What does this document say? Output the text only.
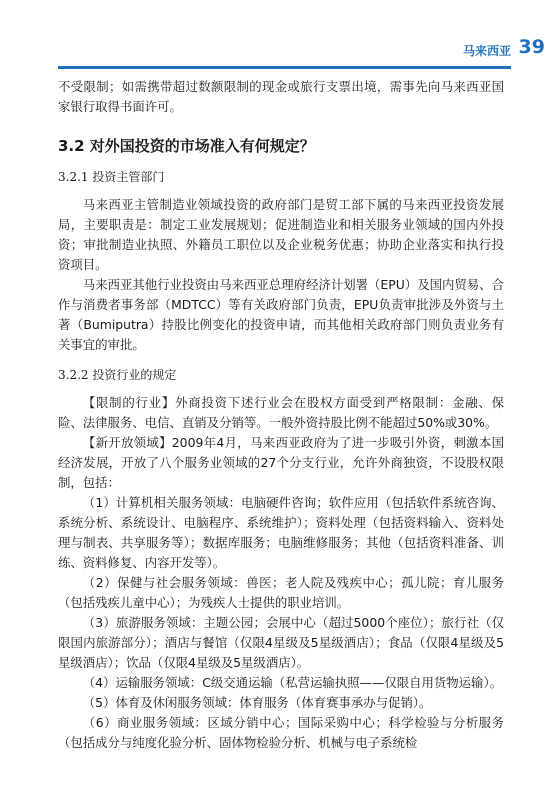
马来西亚 39

不受限制；如需携带超过数额限制的现金或旅行支票出境，需事先向马来西亚国家银行取得书面许可。

3.2 对外国投资的市场准入有何规定？

3.2.1 投资主管部门

马来西亚主管制造业领域投资的政府部门是贸工部下属的马来西亚投资发展局，主要职责是：制定工业发展规划；促进制造业和相关服务业领域的国内外投资；审批制造业执照、外籍员工职位以及企业税务优惠；协助企业落实和执行投资项目。

马来西亚其他行业投资由马来西亚总理府经济计划署（EPU）及国内贸易、合作与消费者事务部（MDTCC）等有关政府部门负责，EPU负责审批涉及外资与土著（Bumiputra）持股比例变化的投资申请，而其他相关政府部门则负责业务有关事宜的审批。

3.2.2 投资行业的规定

【限制的行业】外商投资下述行业会在股权方面受到严格限制：金融、保险、法律服务、电信、直销及分销等。一般外资持股比例不能超过50%或30%。

【新开放领域】2009年4月，马来西亚政府为了进一步吸引外资，刺激本国经济发展，开放了八个服务业领域的27个分支行业，允许外商独资，不设股权限制，包括：

（1）计算机相关服务领域：电脑硬件咨询；软件应用（包括软件系统咨询、系统分析、系统设计、电脑程序、系统维护）；资料处理（包括资料输入、资料处理与制表、共享服务等）；数据库服务；电脑维修服务；其他（包括资料准备、训练、资料修复、内容开发等）。

（2）保健与社会服务领域：兽医；老人院及残疾中心；孤儿院；育儿服务（包括残疾儿童中心）；为残疾人士提供的职业培训。

（3）旅游服务领域：主题公园；会展中心（超过5000个座位）；旅行社（仅限国内旅游部分）；酒店与餐馆（仅限4星级及5星级酒店）；食品（仅限4星级及5星级酒店）；饮品（仅限4星级及5星级酒店）。

（4）运输服务领域：C级交通运输（私营运输执照——仅限自用货物运输）。

（5）体育及休闲服务领域：体育服务（体育赛事承办与促销）。

（6）商业服务领域：区域分销中心；国际采购中心；科学检验与分析服务（包括成分与纯度化验分析、固体物检验分析、机械与电子系统检
